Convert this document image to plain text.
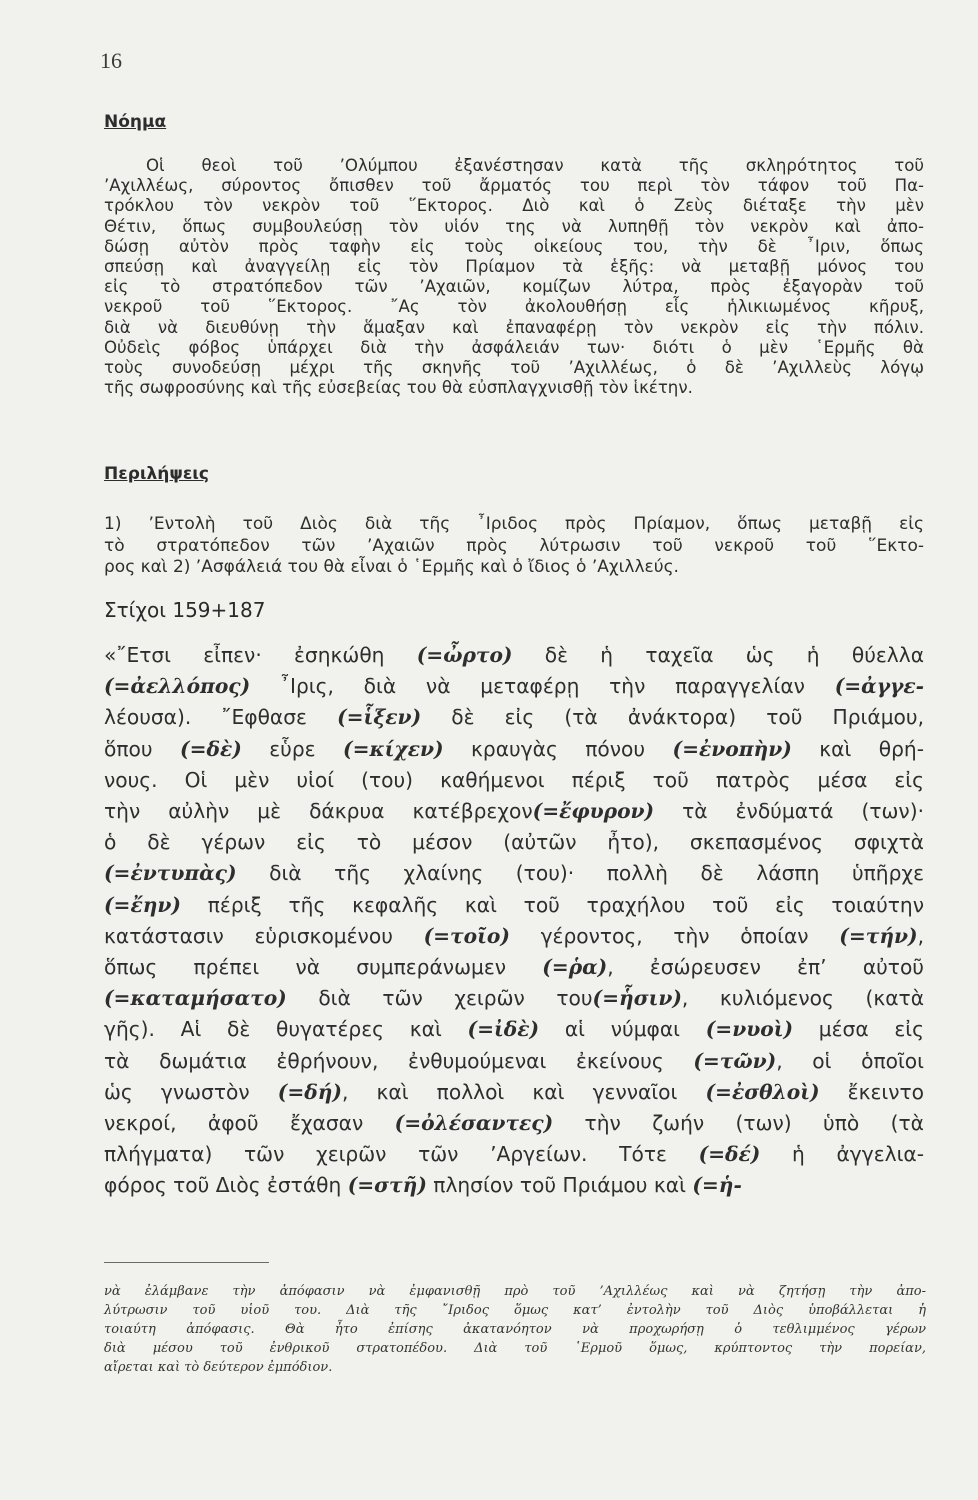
16
Νόημα
Οἱ θεοὶ τοῦ ’Ολύμπου ἐξανέστησαν κατὰ τῆς σκληρότητος τοῦ
’Αχιλλέως, σύροντος ὄπισθεν τοῦ ἄρματός του περὶ τὸν τάφον τοῦ Πα-
τρόκλου τὸν νεκρὸν τοῦ ῞Εκτορος. Διὸ καὶ ὁ Ζεὺς διέταξε τὴν μὲν
Θέτιν, ὅπως συμβουλεύσῃ τὸν υἱόν της νὰ λυπηθῇ τὸν νεκρὸν καὶ ἀπο-
δώσῃ αὐτὸν πρὸς ταφὴν εἰς τοὺς οἰκείους του, τὴν δὲ ῏Ιριν, ὅπως
σπεύσῃ καὶ ἀναγγείλῃ εἰς τὸν Πρίαμον τὰ ἑξῆς: νὰ μεταβῇ μόνος του
εἰς τὸ στρατόπεδον τῶν ’Αχαιῶν, κομίζων λύτρα, πρὸς ἐξαγορὰν τοῦ
νεκροῦ τοῦ ῞Εκτορος. ῎Ας τὸν ἀκολουθήσῃ εἷς ἡλικιωμένος κῆρυξ,
διὰ νὰ διευθύνῃ τὴν ἅμαξαν καὶ ἐπαναφέρῃ τὸν νεκρὸν εἰς τὴν πόλιν.
Οὐδεὶς φόβος ὑπάρχει διὰ τὴν ἀσφάλειάν των· διότι ὁ μὲν ῾Ερμῆς θὰ
τοὺς συνοδεύσῃ μέχρι τῆς σκηνῆς τοῦ ’Αχιλλέως, ὁ δὲ ’Αχιλλεὺς λόγῳ
τῆς σωφροσύνης καὶ τῆς εὐσεβείας του θὰ εὐσπλαγχνισθῇ τὸν ἱκέτην.
Περιλήψεις
1) ’Εντολὴ τοῦ Διὸς διὰ τῆς ῏Ιριδος πρὸς Πρίαμον, ὅπως μεταβῇ εἰς
τὸ στρατόπεδον τῶν ’Αχαιῶν πρὸς λύτρωσιν τοῦ νεκροῦ τοῦ ῞Εκτο-
ρος καὶ 2) ’Ασφάλειά του θὰ εἶναι ὁ ῾Ερμῆς καὶ ὁ ἴδιος ὁ ’Αχιλλεύς.
Στίχοι 159+187
«῎Ετσι εἶπεν· ἐσηκώθη (=ὦρτο) δὲ ἡ ταχεῖα ὡς ἡ θύελλα
(=ἀελλόπος) ῏Ιρις, διὰ νὰ μεταφέρῃ τὴν παραγγελίαν (=ἀγγε-
λέουσα). ῎Εφθασε (=ἷξεν) δὲ εἰς (τὰ ἀνάκτορα) τοῦ Πριάμου,
ὅπου (=δὲ) εὗρε (=κίχεν) κραυγὰς πόνου (=ἐνοπὴν) καὶ θρή-
νους. Οἱ μὲν υἱοί (του) καθήμενοι πέριξ τοῦ πατρὸς μέσα εἰς
τὴν αὐλὴν μὲ δάκρυα κατέβρεχον(=ἔφυρον) τὰ ἐνδύματά (των)·
ὁ δὲ γέρων εἰς τὸ μέσον (αὐτῶν ἦτο), σκεπασμένος σφιχτὰ
(=ἐντυπὰς) διὰ τῆς χλαίνης (του)· πολλὴ δὲ λάσπη ὑπῆρχε
(=ἔην) πέριξ τῆς κεφαλῆς καὶ τοῦ τραχήλου τοῦ εἰς τοιαύτην
κατάστασιν εὑρισκομένου (=τοῖο) γέροντος, τὴν ὁποίαν (=τήν),
ὅπως πρέπει νὰ συμπεράνωμεν (=ῥα), ἐσώρευσεν ἐπ’ αὐτοῦ
(=καταμήσατο) διὰ τῶν χειρῶν του(=ἧσιν), κυλιόμενος (κατὰ
γῆς). Αἱ δὲ θυγατέρες καὶ (=ἰδὲ) αἱ νύμφαι (=νυοὶ) μέσα εἰς
τὰ δωμάτια ἐθρήνουν, ἐνθυμούμεναι ἐκείνους (=τῶν), οἱ ὁποῖοι
ὡς γνωστὸν (=δή), καὶ πολλοὶ καὶ γενναῖοι (=ἐσθλοὶ) ἔκειντο
νεκροί, ἀφοῦ ἔχασαν (=ὀλέσαντες) τὴν ζωήν (των) ὑπὸ (τὰ
πλήγματα) τῶν χειρῶν τῶν ’Αργείων. Τότε (=δέ) ἡ ἀγγελια-
φόρος τοῦ Διὸς ἐστάθη (=στῆ) πλησίον τοῦ Πριάμου καὶ (=ἡ-
νὰ ἐλάμβανε τὴν ἀπόφασιν νὰ ἐμφανισθῇ πρὸ τοῦ ’Αχιλλέως καὶ νὰ ζητήσῃ τὴν ἀπο-
λύτρωσιν τοῦ υἱοῦ του. Διὰ τῆς ῎Ιριδος ὅμως κατ’ ἐντολὴν τοῦ Διὸς ὑποβάλλεται ἡ
τοιαύτη ἀπόφασις. Θὰ ἦτο ἐπίσης ἀκατανόητον νὰ προχωρήσῃ ὁ τεθλιμμένος γέρων
διὰ μέσου τοῦ ἐνθρικοῦ στρατοπέδου. Διὰ τοῦ ῾Ερμοῦ ὅμως, κρύπτοντος τὴν πορείαν,
αἴρεται καὶ τὸ δεύτερον ἐμπόδιον.
